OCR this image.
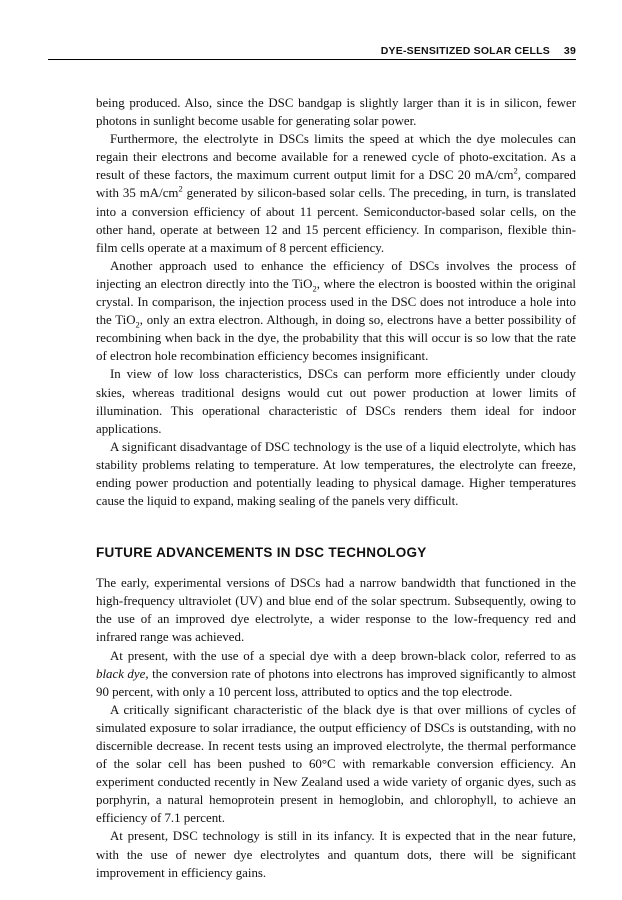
DYE-SENSITIZED SOLAR CELLS 39

being produced. Also, since the DSC bandgap is slightly larger than it is in silicon, fewer photons in sunlight become usable for generating solar power.

Furthermore, the electrolyte in DSCs limits the speed at which the dye molecules can regain their electrons and become available for a renewed cycle of photo-excitation. As a result of these factors, the maximum current output limit for a DSC 20 $mA/cm^2$, compared with 35 $mA/cm^2$ generated by silicon-based solar cells. The preceding, in turn, is translated into a conversion efficiency of about 11 percent. Semiconductor-based solar cells, on the other hand, operate at between 12 and 15 percent efficiency. In comparison, flexible thin-film cells operate at a maximum of 8 percent efficiency.

Another approach used to enhance the efficiency of DSCs involves the process of injecting an electron directly into the TiO$_2$, where the electron is boosted within the original crystal. In comparison, the injection process used in the DSC does not introduce a hole into the TiO$_2$, only an extra electron. Although, in doing so, electrons have a better possibility of recombining when back in the dye, the probability that this will occur is so low that the rate of electron hole recombination efficiency becomes insignificant.

In view of low loss characteristics, DSCs can perform more efficiently under cloudy skies, whereas traditional designs would cut out power production at lower limits of illumination. This operational characteristic of DSCs renders them ideal for indoor applications.

A significant disadvantage of DSC technology is the use of a liquid electrolyte, which has stability problems relating to temperature. At low temperatures, the electrolyte can freeze, ending power production and potentially leading to physical damage. Higher temperatures cause the liquid to expand, making sealing of the panels very difficult.

FUTURE ADVANCEMENTS IN DSC TECHNOLOGY

The early, experimental versions of DSCs had a narrow bandwidth that functioned in the high-frequency ultraviolet (UV) and blue end of the solar spectrum. Subsequently, owing to the use of an improved dye electrolyte, a wider response to the low-frequency red and infrared range was achieved.

At present, with the use of a special dye with a deep brown-black color, referred to as black dye, the conversion rate of photons into electrons has improved significantly to almost 90 percent, with only a 10 percent loss, attributed to optics and the top electrode.

A critically significant characteristic of the black dye is that over millions of cycles of simulated exposure to solar irradiance, the output efficiency of DSCs is outstanding, with no discernible decrease. In recent tests using an improved electrolyte, the thermal performance of the solar cell has been pushed to 60°C with remarkable conversion efficiency. An experiment conducted recently in New Zealand used a wide variety of organic dyes, such as porphyrin, a natural hemoprotein present in hemoglobin, and chlorophyll, to achieve an efficiency of 7.1 percent.

At present, DSC technology is still in its infancy. It is expected that in the near future, with the use of newer dye electrolytes and quantum dots, there will be significant improvement in efficiency gains.
